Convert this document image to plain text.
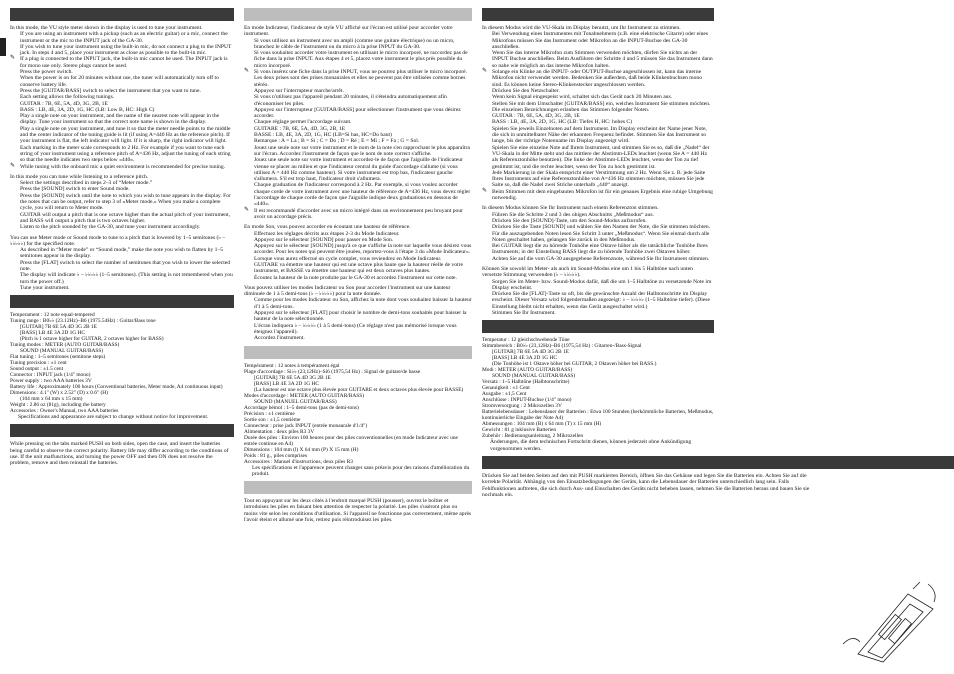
In this mode, the VU style meter shown in the display is used to tune your instrument.

If you are using an instrument with a pickup (such as an electric guitar) or a mic, connect the instrument or the mic to the INPUT jack of the GA-30.

If you wish to tune your instrument using the built-in mic, do not connect a plug to the INPUT jack. In steps 4 and 5, place your instrument as close as possible to the built-in mic.

✎ If a plug is connected to the INPUT jack, the built-in mic cannot be used. The INPUT jack is for mono use only. Stereo plugs cannot be used.

Press the power switch.

When the power is on for 20 minutes without use, the tuner will automatically turn off to conserve battery life.

Press the [GUITAR/BASS] switch to select the instrument that you want to tune.

Each setting allows the following tunings.

GUITAR : 7B, 6E, 5A, 4D, 3G, 2B, 1E

BASS : LB, 4E, 3A, 2D, 1G, HC (LB: Low B, HC: High C)

Play a single note on your instrument, and the name of the nearest note will appear in the display. Tune your instrument so that the correct note name is shown in the display.

Play a single note on your instrument, and tune it so that the meter needle points to the middle and the center indicator of the tuning guide is lit (if using A=440 Hz as the reference pitch). If your instrument is flat, the left indicator will light. If it is sharp, the right indicator will light.

Each marking in the meter scale corresponds to 2 Hz. For example if you want to tune each string of your instrument using a reference pitch of A=436 Hz, adjust the tuning of each string so that the needle indicates two steps below «440».

✎ While tuning with the onboard mic a quiet environment is recommended for precise tuning.

In this mode you can tune while listening to a reference pitch.

Select the settings described in steps 2–3 of “Meter mode.”

Press the [SOUND] switch to enter Sound mode.

Press the [SOUND] switch until the note to which you wish to tune appears in the display. For the notes that can be output, refer to step 3 of «Meter mode.» When you make a complete cycle, you will return to Meter mode.

GUITAR will output a pitch that is one octave higher than the actual pitch of your instrument, and BASS will output a pitch that is two octaves higher.

Listen to the pitch sounded by the GA-30, and tune your instrument accordingly.

You can use Meter mode or Sound mode to tune to a pitch that is lowered by 1–5 semitones (♭ – ♭♭♭♭♭) for the specified note.

As described in “Meter mode” or “Sound mode,” make the note you wish to flatten by 1–5 semitones appear in the display.

Press the [FLAT] switch to select the number of semitones that you wish to lower the selected note.

The display will indicate ♭ – ♭♭♭♭♭ (1–5 semitones). (This setting is not remembered when you turn the power off.)

Tune your instrument.

Temperament : 12 note equal-tempered

Tuning range : B0♭♭ (23.12Hz)–B6 (1975.54Hz) : Guitar/Bass tone

[GUITAR] 7B 6E 5A 4D 3G 2B 1E

[BASS] LB 4E 3A 2D 1G HC

(Pitch is 1 octave higher for GUITAR, 2 octaves higher for BASS)

Tuning modes : METER (AUTO GUITAR/BASS)

SOUND (MANUAL GUITAR/BASS)

Flat tuning : 1–5 semitones (semitone steps)

Tuning precision : ±1 cent

Sound output : ±1.5 cent

Connector : INPUT jack (1/4" mono)

Power supply : two AAA batteries 3V

Battery life : Approximately 100 hours (Conventional batteries, Meter mode, A4 continuous input)

Dimensions : 4.1" (W) x 2.52" (D) x 0.6" (H)

(104 mm x 64 mm x 15 mm)

Weight : 2.86 oz (81g), including the battery

Accessories : Owner's Manual, two AAA batteries

Specifications and appearance are subject to change without notice for improvement.

While pressing on the tabs marked PUSH on both sides, open the case, and insert the batteries being careful to observe the correct polarity. Battery life may differ according to the conditions of use. If the unit malfunctions, and turning the power OFF and then ON does not resolve the problem, remove and then reinstall the batteries.

En mode Indicateur, l'indicateur de style VU affiché sur l'écran est utilisé pour accorder votre instrument.

Si vous utilisez un instrument avec un ampli (comme une guitare électrique) ou un micro, branchez le câble de l'instrument ou du micro à la prise INPUT du GA-30.

Si vous souhaitez accorder votre instrument en utilisant le micro incorporé, ne raccordez pas de fiche dans la prise INPUT. Aux étapes 4 et 5, placez votre instrument le plus près possible du micro incorporé.

✎ Si vous insérez une fiche dans la prise INPUT, vous ne pourrez plus utiliser le micro incorporé. Les deux prises sont des prises monaurales et elles ne peuvent pas être utilisées comme bornes stéréo.

Appuyez sur l'interrupteur marche/arrêt.

Si vous n'utilisez pas l'appareil pendant 20 minutes, il s'éteindra automatiquement afin d'économiser les piles.

Appuyez sur l'interrupteur [GUITAR/BASS] pour sélectionner l'instrument que vous désirez accorder.

Chaque réglage permet l'accordage suivant.

GUITARE : 7B, 6E, 5A, 4D, 3G, 2B, 1E

BASSE : LB, 4E, 3A, 2D, 1G, HC (LB=Si bas, HC=Do haut)

Remarque : A = La ; B = Si ; C = Do ; D = Ré ; E = Mi ; F = Fa ; G = Sol.

Jouez une seule note sur votre instrument et le nom de la note s'en rapprochant le plus apparaîtra sur l'écran. Accordez l'instrument de façon que le nom de note correct s'affiche.

Jouez une seule note sur votre instrument et accordez-le de façon que l'aiguille de l'indicateur vienne se placer au milieu et que l'indicateur central du guide d'accordage s'allume (si vous utilisez A = 440 Hz comme hauteur). Si votre instrument est trop bas, l'indicateur gauche s'allumera. S'il est trop haut, l'indicateur droit s'allumera.

Chaque graduation de l'indicateur correspond à 2 Hz. Par exemple, si vous voulez accorder chaque corde de votre instrument avec une hauteur de référence de A=436 Hz, vous devez régler l'accordage de chaque corde de façon que l'aiguille indique deux graduations en dessous de «440».

✎ Il est recommandé d'accorder avec un micro intégré dans un environnement peu bruyant pour avoir un accordage précis.

En mode Son, vous pouvez accorder en écoutant une hauteur de référence.

Effectuez les réglages décrits aux étapes 2-3 du Mode Indicateur.

Appuyez sur le sélecteur [SOUND] pour passer en Mode Son.

Appuyez sur le sélecteur [SOUND] jusqu'à ce que s'affiche la note sur laquelle vous désirez vous accorder. Pour les notes qui peuvent être jouées, reportez-vous à l'étape 3 du «Mode Indicateur». Lorsque vous aurez effectué un cycle complet, vous reviendrez en Mode Indicateur.

GUITARE va émettre une hauteur qui est une octave plus haute que la hauteur réelle de votre instrument, et BASSE va émettre une hauteur qui est deux octaves plus hautes.

Écoutez la hauteur de la note produite par le GA-30 et accordez l'instrument sur cette note.

Vous pouvez utiliser les modes Indicateur ou Son pour accorder l'instrument sur une hauteur diminuée de 1 à 5 demi-tons (♭ – ♭♭♭♭♭) pour la note donnée.

Comme pour les modes Indicateur ou Son, affichez la note dont vous souhaitez baisser la hauteur d'1 à 5 demi-tons.

Appuyez sur le sélecteur [FLAT] pour choisir le nombre de demi-tons souhaités pour baisser la hauteur de la note sélectionnée.

L'écran indiquera ♭ – ♭♭♭♭♭ (1 à 5 demi-tons) (Ce réglage n'est pas mémorisé lorsque vous éteignez l'appareil).

Accordez l'instrument.

Tempérament : 12 notes à tempérament égal

Plage d'accordage : Si♭♭ (23,12Hz)–Si6 (1975,54 Hz) : Signal de guitare/de basse

[GUITAR] 7B 6E 5A 4D 3G 2B 1E

[BASS] LB 4E 3A 2D 1G HC

(La hauteur est une octave plus élevée pour GUITARE et deux octaves plus élevée pour BASSE)

Modes d'accordage : METER (AUTO GUITAR/BASS)

SOUND (MANUEL GUITAR/BASS)

Accordage bémol : 1–5 demi-tons (pas de demi-tons)

Précision : ±1 centième

Sortie son : ±1,5 centième

Connecteur : prise jack INPUT (entrée monaurale d'1/4")

Alimentation : deux piles R3 3V

Durée des piles : Environ 100 heures pour des piles conventionnelles (en mode Indicateur avec une entrée continue en A4)

Dimensions : 104 mm (l) X 64 mm (P) X 15 mm (H)

Poids : 81 g., piles comprises

Accessoires : Manuel d'instructions, deux piles R3

Les spécifications et l'apparence peuvent changer sans préavis pour des raisons d'amélioration du produit.

Tout en appuyant sur les deux côtés à l'endroit marqué PUSH (pousser), ouvrez le boîtier et introduisez les piles en faisant bien attention de respecter la polarité. Les piles s'usèront plus ou moins vite selon les conditions d'utilisation. Si l'appareil ne fonctionne pas correctement, même après l'avoir éteint et allumé une fois, retirez puis réintroduisez les piles.

In diesem Modus wird die VU-Skala im Display benutzt, um Ihr Instrument zu stimmen.

Bei Verwendung eines Instrumentes mit Tonabnehmern (z.B. eine elektrische Gitarre) oder eines Mikrofons müssen Sie das Instrument oder Mikrofon an die INPUT-Buchse des GA-30 anschließen.

Wenn Sie das interne Mikrofon zum Stimmen verwenden möchten, dürfen Sie nichts an der INPUT Buchse anschließen. Beim Ausführen der Schritte 4 und 5 müssen Sie das Instrument dann so nahe wie möglich an das interne Mikrofon halten.

✎ Solange ein Klinke an die INPUT- oder OUTPUT-Buchse angeschlossen ist, kann das interne Mikrofon nicht verwendet werden. Bedenken Sie außerdem, daß beide Klinkenbuchsen mono sind. Es können keine Stereo-Klinkenstecker angeschlossen werden.

Drücken Sie den Netzschalter.

Wenn kein Signal eingespeist wird, schaltet sich das Gerät nach 20 Minuten aus.

Stellen Sie mit dem Umschalter [GUITAR/BASS] ein, welches Instrument Sie stimmen möchten.

Die einzelnen Bezeichnungen erlauben das Stimmen folgender Noten.

GUITAR : 7B, 6E, 5A, 4D, 3G, 2B, 1E

BASS : LB, 4E, 3A, 2D, 1G, HC (LB: Tiefes H, HC: hohes C)

Spielen Sie jeweils Einzelnoten auf dem Instrument. Im Display erscheint der Name jener Note, die sich in unmittelbarer Nähe der erkannten Frequenz befindet. Stimmen Sie das Instrument so lange, bis der richtige Notenname im Display angezeigt wird.

Spielen Sie eine einzelne Note auf Ihrem Instrument, und stimmen Sie es so, daß die „Nadel“ der VU-Skala in der Mitte steht und das mittlere der Abstimm-LEDs leuchtet (wenn Sie A = 440 Hz als Referenztonhöhe benutzen). Die linke der Abstimm-LEDs leuchtet, wenn der Ton zu tief gestimmt ist, und die rechte leuchtet, wenn der Ton zu hoch gestimmt ist.

Jede Markierung in der Skala entspricht einer Verstimmung um 2 Hz. Wenn Sie z. B. jede Saite Ihres Instruments auf eine Referenztonhöhe von A=436 Hz stimmen möchten, müssen Sie jede Saite so, daß die Nadel zwei Striche unterhalb „440“ anzeigt.

✎ Beim Stimmen mit dem eingebauten Mikrofon ist für ein genaues Ergebnis eine ruhige Umgebung notwendig.

In diesem Modus können Sie Ihr Instrument nach einem Referenzton stimmen.

Führen Sie die Schritte 2 und 3 des obigen Abschnitts „Meßmodus“ aus.

Drücken Sie den [SOUND]-Taste, um den Sound-Modus aufzurufen.

Drücken Sie die Taste [SOUND] und wählen Sie den Namen der Note, die Sie stimmen möchten. Für die auszugebenden Noten lesen Sie Schritt 3 unter „Meßmodus“. Wenn Sie einmal durch alle Noten geschaltet haben, gelangen Sie zurück in den Meßmodus.

Bei GUITAR liegt die zu hörende Tonhöhe eine Oktave höher als die tatsächliche Tonhöhe Ihres Instruments; in der Einstellung BASS liegt die zu hörende Tonhöhe zwei Oktaven höher.

Achten Sie auf die vom GA-30 ausgegebene Referenznote, während Sie Ihr Instrument stimmen.

Können Sie sowohl im Meter- als auch im Sound-Modus eine um 1 bis 5 Halbtöne nach unten versetzte Stimmung verwenden (♭ – ♭♭♭♭♭).

Sorgen Sie im Meter- bzw. Sound-Modus dafür, daß die um 1–5 Halbtöne zu versetzende Note im Display erscheint.

Drücken Sie die [FLAT]-Taste so oft, bis die gewünschte Anzahl der Halbtonschritte im Display erscheint. Dieser Versatz wird folgendermaßen angezeigt: ♭ – ♭♭♭♭♭ (1–5 Halbtöne tiefer). (Diese Einstellung bleibt nicht erhalten, wenn das Gerät ausgeschaltet wird.)

Stimmen Sie Ihr Instrument.

Temperatur : 12 gleichschwebende Töne

Stimmbereich : B0♭♭ (23,12Hz)–B6 (1975,54 Hz) : Gitarren-/Bass-Signal

[GUITAR] 7B 6E 5A 4D 3G 2B 1E

[BASS] LB 4E 3A 2D 1G HC

(Die Tonhöhe ist 1 Oktave höher bei GUITAR, 2 Oktaven höher bei BASS.)

Modi : METER (AUTO GUITAR/BASS)

SOUND (MANUAL GUITAR/BASS)

Versatz : 1–5 Halbtöne (Halbtonschritte)

Genauigkeit : ±1 Cent

Ausgabe : ±1,5 Cent

Anschlüsse : INPUT-Buchse (1/4" mono)

Stromversorgung : 2 Mikrozellen 3V

Batterielebensdauer : Lebensdauer der Batterien : Etwa 100 Stunden (herkömmliche Batterien, Meßmodus, kontinuierliche Eingabe der Note A4)

Abmessungen : 104 mm (B) x 64 mm (T) x 15 mm (H)

Gewicht : 81 g inklusive Batterien

Zubehör : Bedienungsanleitung, 2 Mikrozellen

Änderungen, die dem technischen Fortschritt dienen, können jederzeit ohne Ankündigung vorgenommen werden.

Drücken Sie auf beiden Seiten auf den mit PUSH markierten Bereich, öffnen Sie das Gehäuse und legen Sie die Batterien ein. Achten Sie auf die korrekte Polarität. Abhängig von den Einsatzbedingungen der Geräts, kann die Lebensdauer der Batterien unterschiedlich lang sein. Falls Fehlfunktionen auftreten, die sich durch Aus- und Einschalten des Geräts nicht beheben lassen, nehmen Sie die Batterien heraus und bauen Sie sie nochmals ein.
